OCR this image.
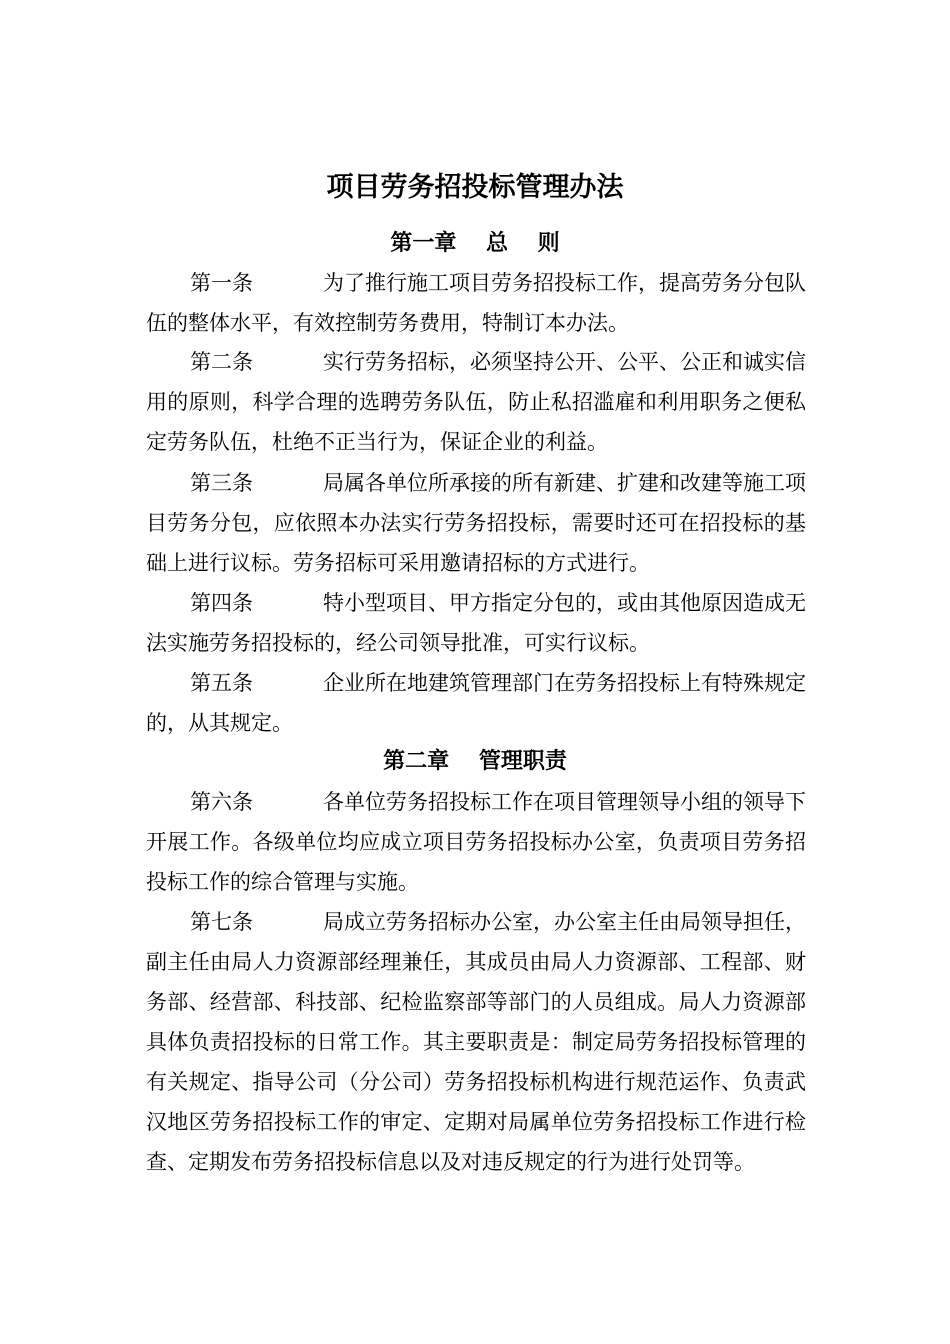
项目劳务招投标管理办法
第一章  总  则

第一条	为了推行施工项目劳务招投标工作，提高劳务分包队伍的整体水平，有效控制劳务费用，特制订本办法。

第二条	实行劳务招标，必须坚持公开、公平、公正和诚实信用的原则，科学合理的选聘劳务队伍，防止私招滥雇和利用职务之便私定劳务队伍，杜绝不正当行为，保证企业的利益。

第三条	局属各单位所承接的所有新建、扩建和改建等施工项目劳务分包，应依照本办法实行劳务招投标，需要时还可在招投标的基础上进行议标。劳务招标可采用邀请招标的方式进行。

第四条	特小型项目、甲方指定分包的，或由其他原因造成无法实施劳务招投标的，经公司领导批准，可实行议标。

第五条	企业所在地建筑管理部门在劳务招投标上有特殊规定的，从其规定。

第二章  管理职责

第六条	各单位劳务招投标工作在项目管理领导小组的领导下开展工作。各级单位均应成立项目劳务招投标办公室，负责项目劳务招投标工作的综合管理与实施。

第七条	局成立劳务招标办公室，办公室主任由局领导担任，副主任由局人力资源部经理兼任，其成员由局人力资源部、工程部、财务部、经营部、科技部、纪检监察部等部门的人员组成。局人力资源部具体负责招投标的日常工作。其主要职责是：制定局劳务招投标管理的有关规定、指导公司（分公司）劳务招投标机构进行规范运作、负责武汉地区劳务招投标工作的审定、定期对局属单位劳务招投标工作进行检查、定期发布劳务招投标信息以及对违反规定的行为进行处罚等。
